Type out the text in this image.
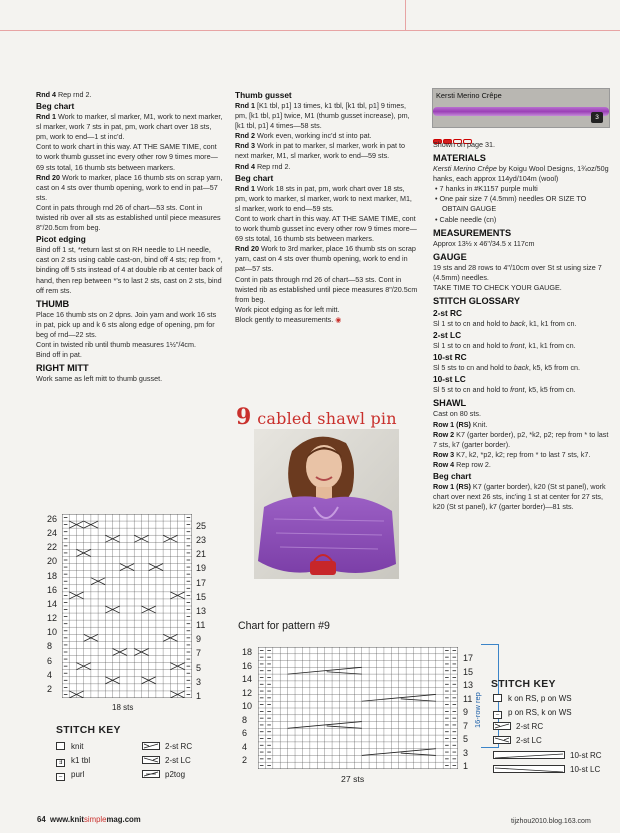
Rnd 4 Rep rnd 2.

Beg chart

Rnd 1 Work to marker, sl marker, M1, work to next marker, sl marker, work 7 sts in pat, pm, work chart over 18 sts, pm, work to end—1 st inc'd.

Cont to work chart in this way. AT THE SAME TIME, cont to work thumb gusset inc every other row 9 times more—69 sts total, 16 thumb sts between markers.

Rnd 20 Work to marker, place 16 thumb sts on scrap yarn, cast on 4 sts over thumb opening, work to end in pat—57 sts.

Cont in pats through rnd 26 of chart—53 sts. Cont in twisted rib over all sts as established until piece measures 8"/20.5cm from beg.

Picot edging

Bind off 1 st, *return last st on RH needle to LH needle, cast on 2 sts using cable cast-on, bind off 4 sts; rep from *, binding off 5 sts instead of 4 at double rib at center back of hand, then rep between *'s to last 2 sts, cast on 2 sts, bind off rem sts.

THUMB

Place 16 thumb sts on 2 dpns. Join yarn and work 16 sts in pat, pick up and k 6 sts along edge of opening, pm for beg of rnd—22 sts.

Cont in twisted rib until thumb measures 1½"/4cm.

Bind off in pat.

RIGHT MITT

Work same as left mitt to thumb gusset.

Thumb gusset

Rnd 1 [K1 tbl, p1] 13 times, k1 tbl, [k1 tbl, p1] 9 times, pm, [k1 tbl, p1] twice, M1 (thumb gusset increase), pm, [k1 tbl, p1] 4 times—58 sts.

Rnd 2 Work even, working inc'd st into pat.

Rnd 3 Work in pat to marker, sl marker, work in pat to next marker, M1, sl marker, work to end—59 sts.

Rnd 4 Rep rnd 2.

Beg chart

Rnd 1 Work 18 sts in pat, pm, work chart over 18 sts, pm, work to marker, sl marker, work to next marker, M1, sl marker, work to end—59 sts.

Cont to work chart in this way. AT THE SAME TIME, cont to work thumb gusset inc every other row 9 times more—69 sts total, 16 thumb sts between markers.

Rnd 20 Work to 3rd marker, place 16 thumb sts on scrap yarn, cast on 4 sts over thumb opening, work to end in pat—57 sts.

Cont in pats through rnd 26 of chart—53 sts. Cont in twisted rib as established until piece measures 8"/20.5cm from beg.

Work picot edging as for left mitt.

Block gently to measurements. ◉

9 cabled shawl pin
Kersti Merino Crêpe
3

Shown on page 31.

MATERIALS

Kersti Merino Crêpe by Koigu Wool Designs, 1¾oz/50g hanks, each approx 114yd/104m (wool)

• 7 hanks in #K1157 purple multi

• One pair size 7 (4.5mm) needles OR SIZE TO OBTAIN GAUGE

• Cable needle (cn)

MEASUREMENTS

Approx 13½ x 46"/34.5 x 117cm

GAUGE

19 sts and 28 rows to 4"/10cm over St st using size 7 (4.5mm) needles.

TAKE TIME TO CHECK YOUR GAUGE.

STITCH GLOSSARY

2-st RC

Sl 1 st to cn and hold to back, k1, k1 from cn.

2-st LC

Sl 1 st to cn and hold to front, k1, k1 from cn.

10-st RC

Sl 5 sts to cn and hold to back, k5, k5 from cn.

10-st LC

Sl 5 st to cn and hold to front, k5, k5 from cn.

SHAWL

Cast on 80 sts.

Row 1 (RS) Knit.

Row 2 K7 (garter border), p2, *k2, p2; rep from * to last 7 sts, k7 (garter border).

Row 3 K7, k2, *p2, k2; rep from * to last 7 sts, k7.

Row 4 Rep row 2.

Beg chart

Row 1 (RS) K7 (garter border), k20 (St st panel), work chart over next 26 sts, inc'ing 1 st at center for 27 sts, k20 (St st panel), k7 (garter border)—81 sts.

26
24
22
20
18
16
14
12
10
8
6
4
2
25
23
21
19
17
15
13
11
9
7
5
3
1
18 sts
STITCH KEY
knit
∃ k1 tbl
– purl
2-st RC
2-st LC
p2tog
Chart for pattern #9
18
16
14
12
10
8
6
4
2
17
15
13
11
9
7
5
3
1
27 sts
16-row rep
STITCH KEY
k on RS, p on WS
– p on RS, k on WS
2-st RC
2-st LC
10-st RC
10-st LC
64 www.knitsimplemag.com	tijzhou2010.blog.163.com
